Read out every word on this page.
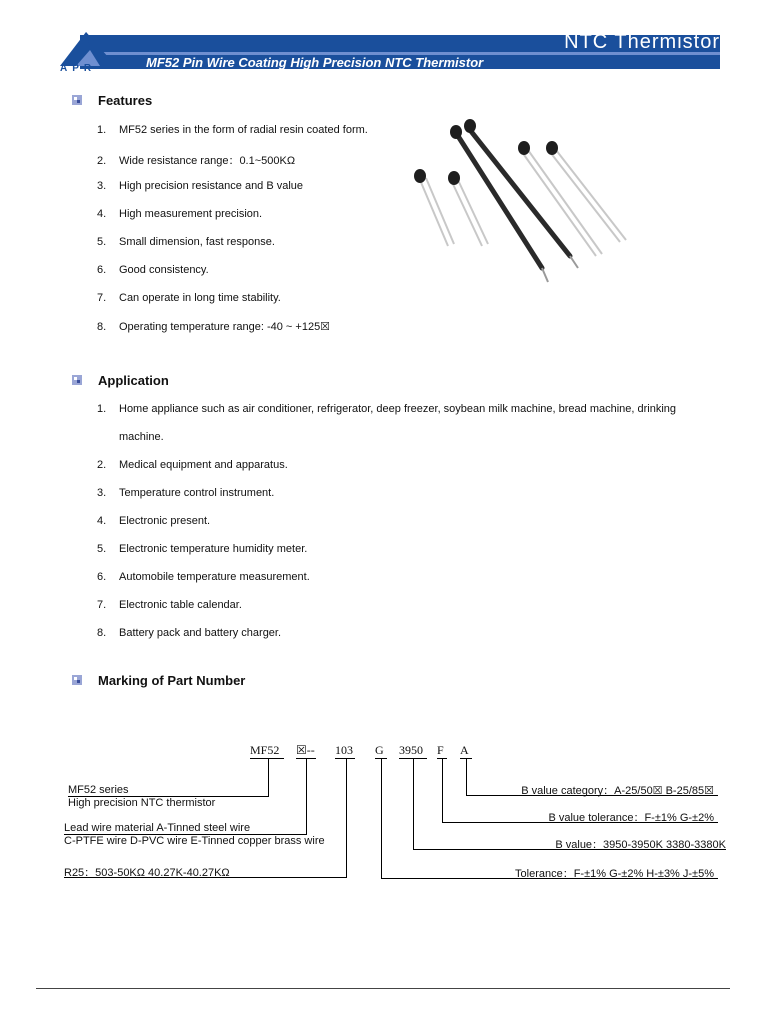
APR
NTC Thermistor
MF52 Pin Wire Coating High Precision NTC Thermistor
Features
1. MF52 series in the form of radial resin coated form.
2. Wide resistance range：0.1~500KΩ
3. High precision resistance and B value
4. High measurement precision.
5. Small dimension, fast response.
6. Good consistency.
7. Can operate in long time stability.
8. Operating temperature range: -40 ~ +125☒
Application
1. Home appliance such as air conditioner, refrigerator, deep freezer, soybean milk machine, bread machine, drinking
machine.
2. Medical equipment and apparatus.
3. Temperature control instrument.
4. Electronic present.
5. Electronic temperature humidity meter.
6. Automobile temperature measurement.
7. Electronic table calendar.
8. Battery pack and battery charger.
Marking of Part Number
MF52 ☒-- 103 G 3950 F A
MF52 series
High precision NTC thermistor
Lead wire material A-Tinned steel wire
C-PTFE wire D-PVC wire E-Tinned copper brass wire
R25：503-50KΩ 40.27K-40.27KΩ
B value category：A-25/50☒ B-25/85☒
B value tolerance：F-±1% G-±2%
B value：3950-3950K 3380-3380K
Tolerance：F-±1% G-±2% H-±3% J-±5%
